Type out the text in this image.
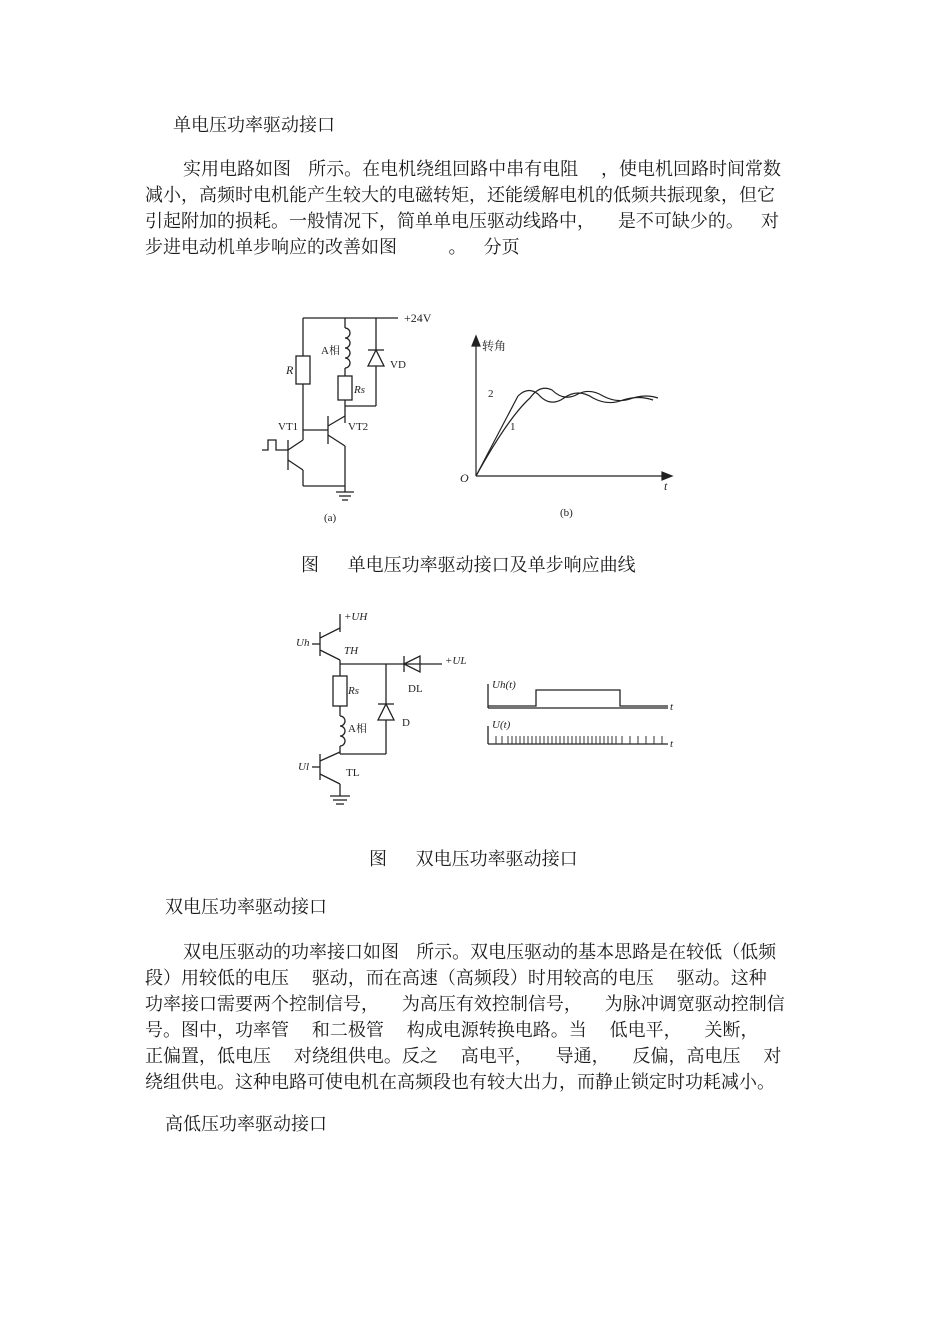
单电压功率驱动接口
实用电路如图   所示。在电机绕组回路中串有电阻    ，使电机回路时间常数
减小，高频时电机能产生较大的电磁转矩，还能缓解电机的低频共振现象，但它
引起附加的损耗。一般情况下，简单单电压驱动线路中，    是不可缺少的。   对
步进电动机单步响应的改善如图         。   分页
+24V
A相
R
Rs
VD
VT1	VT2
(a)
转角
t
O
1
2
(b)
图     单电压功率驱动接口及单步响应曲线
+UH
Uh
TH
+UL
DL
Rs
A相	D
Ul	TL
Uh(t)
U(t)
t
t
图     双电压功率驱动接口
双电压功率驱动接口
双电压驱动的功率接口如图   所示。双电压驱动的基本思路是在较低（低频
段）用较低的电压    驱动，而在高速（高频段）时用较高的电压    驱动。这种
功率接口需要两个控制信号，    为高压有效控制信号，    为脉冲调宽驱动控制信
号。图中，功率管    和二极管    构成电源转换电路。当    低电平，    关断，
正偏置，低电压    对绕组供电。反之    高电平，    导通，    反偏，高电压    对
绕组供电。这种电路可使电机在高频段也有较大出力，而静止锁定时功耗减小。
高低压功率驱动接口
